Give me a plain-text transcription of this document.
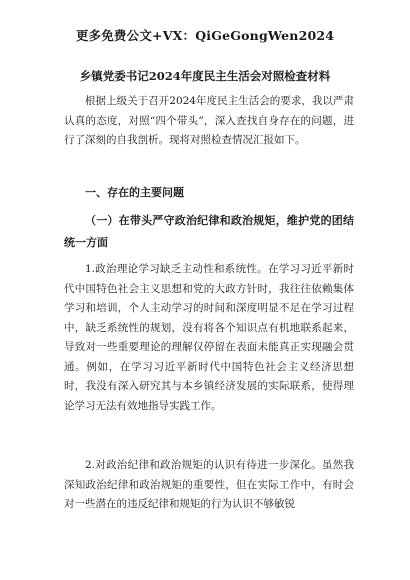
更多免费公文+VX：QiGeGongWen2024
乡镇党委书记2024年度民主生活会对照检查材料
根据上级关于召开2024年度民主生活会的要求，我以严肃认真的态度，对照“四个带头”，深入查找自身存在的问题，进行了深刻的自我剖析。现将对照检查情况汇报如下。
一、存在的主要问题
（一）在带头严守政治纪律和政治规矩，维护党的团结统一方面
1.政治理论学习缺乏主动性和系统性。在学习习近平新时代中国特色社会主义思想和党的大政方针时，我往往依赖集体学习和培训，个人主动学习的时间和深度明显不足在学习过程中，缺乏系统性的规划，没有将各个知识点有机地联系起来，导致对一些重要理论的理解仅停留在表面未能真正实现融会贯通。例如，在学习习近平新时代中国特色社会主义经济思想时，我没有深入研究其与本乡镇经济发展的实际联系，使得理论学习无法有效地指导实践工作。
2.对政治纪律和政治规矩的认识有待进一步深化。虽然我深知政治纪律和政治规矩的重要性，但在实际工作中，有时会对一些潜在的违反纪律和规矩的行为认识不够敏锐
